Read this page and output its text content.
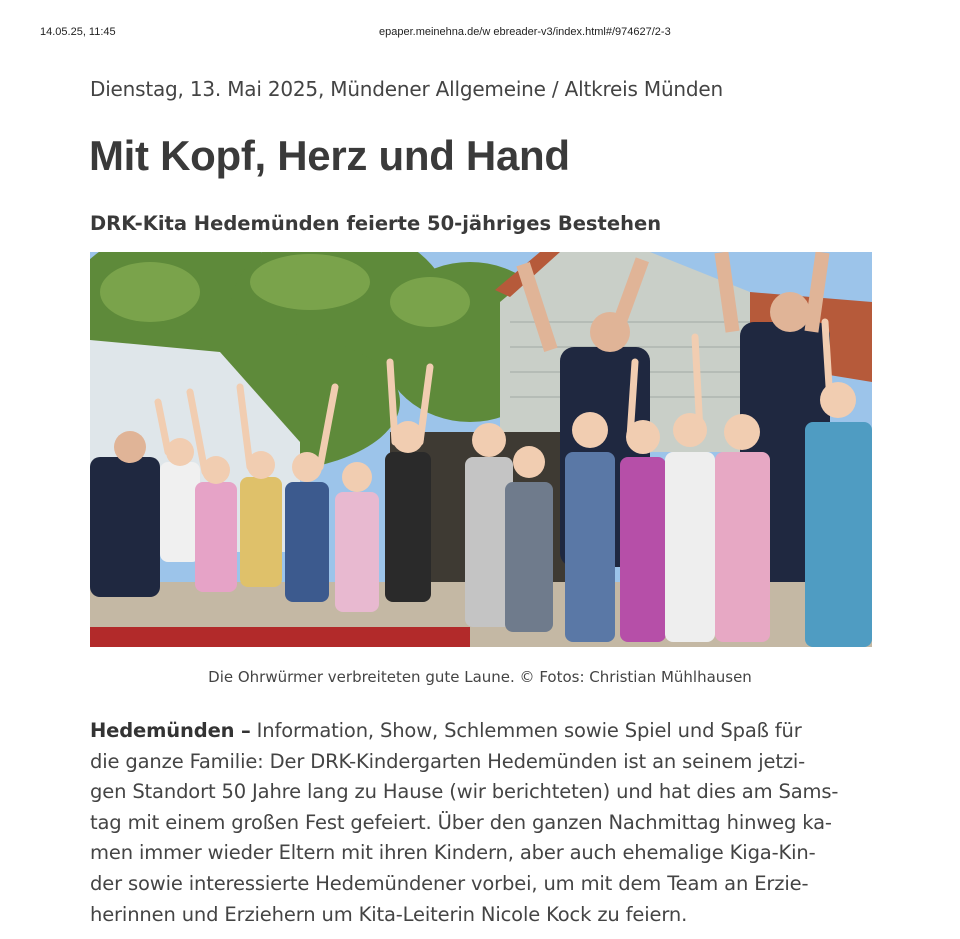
14.05.25, 11:45	epaper.meinehna.de/w ebreader-v3/index.html#/974627/2-3
Dienstag, 13. Mai 2025, Mündener Allgemeine / Altkreis Münden
Mit Kopf, Herz und Hand
DRK-Kita Hedemünden feierte 50-jähriges Bestehen
Die Ohrwürmer verbreiteten gute Laune. © Fotos: Christian Mühlhausen
Hedemünden – Information, Show, Schlemmen sowie Spiel und Spaß für
die ganze Familie: Der DRK-Kindergarten Hedemünden ist an seinem jetzi-
gen Standort 50 Jahre lang zu Hause (wir berichteten) und hat dies am Sams-
tag mit einem großen Fest gefeiert. Über den ganzen Nachmittag hinweg ka-
men immer wieder Eltern mit ihren Kindern, aber auch ehemalige Kiga-Kin-
der sowie interessierte Hedemündener vorbei, um mit dem Team an Erzie-
herinnen und Erziehern um Kita-Leiterin Nicole Kock zu feiern.
